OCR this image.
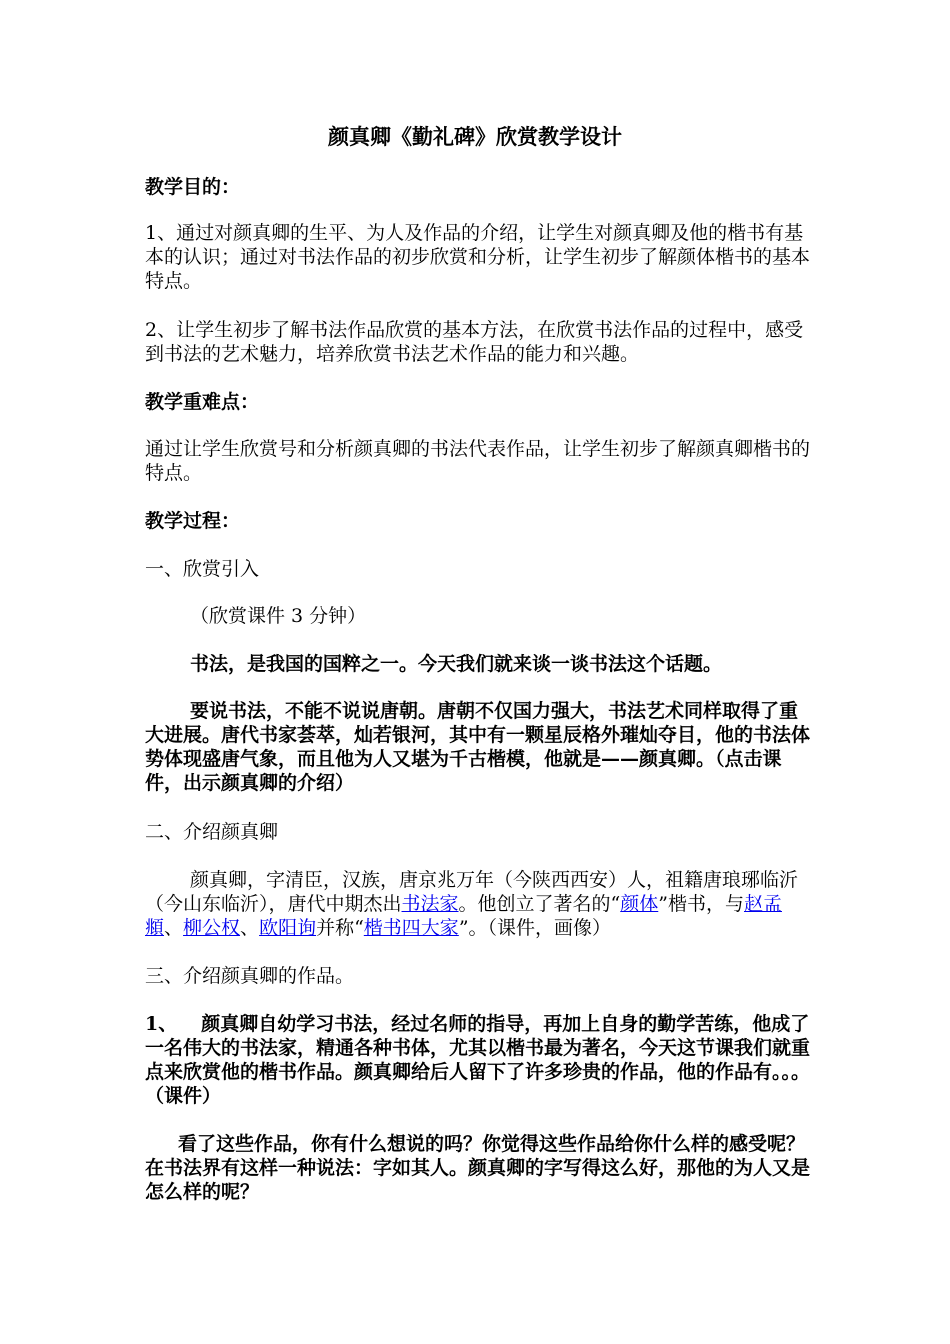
颜真卿《勤礼碑》欣赏教学设计

教学目的：

1、通过对颜真卿的生平、为人及作品的介绍，让学生对颜真卿及他的楷书有基本的认识；通过对书法作品的初步欣赏和分析，让学生初步了解颜体楷书的基本特点。

2、让学生初步了解书法作品欣赏的基本方法，在欣赏书法作品的过程中，感受到书法的艺术魅力，培养欣赏书法艺术作品的能力和兴趣。

教学重难点：

通过让学生欣赏号和分析颜真卿的书法代表作品，让学生初步了解颜真卿楷书的特点。

教学过程：

一、欣赏引入

（欣赏课件 3 分钟）

书法，是我国的国粹之一。今天我们就来谈一谈书法这个话题。

要说书法，不能不说说唐朝。唐朝不仅国力强大，书法艺术同样取得了重大进展。唐代书家荟萃，灿若银河，其中有一颗星辰格外璀灿夺目，他的书法体势体现盛唐气象，而且他为人又堪为千古楷模，他就是——颜真卿。（点击课件，出示颜真卿的介绍）

二、介绍颜真卿

颜真卿，字清臣，汉族，唐京兆万年（今陕西西安）人，祖籍唐琅琊临沂（今山东临沂），唐代中期杰出书法家。他创立了著名的“颜体”楷书，与赵孟頫、柳公权、欧阳询并称“楷书四大家”。（课件，画像）

三、介绍颜真卿的作品。

1、 颜真卿自幼学习书法，经过名师的指导，再加上自身的勤学苦练，他成了一名伟大的书法家，精通各种书体，尤其以楷书最为著名，今天这节课我们就重点来欣赏他的楷书作品。颜真卿给后人留下了许多珍贵的作品，他的作品有。。。（课件）

看了这些作品，你有什么想说的吗？你觉得这些作品给你什么样的感受呢？在书法界有这样一种说法：字如其人。颜真卿的字写得这么好，那他的为人又是怎么样的呢？
